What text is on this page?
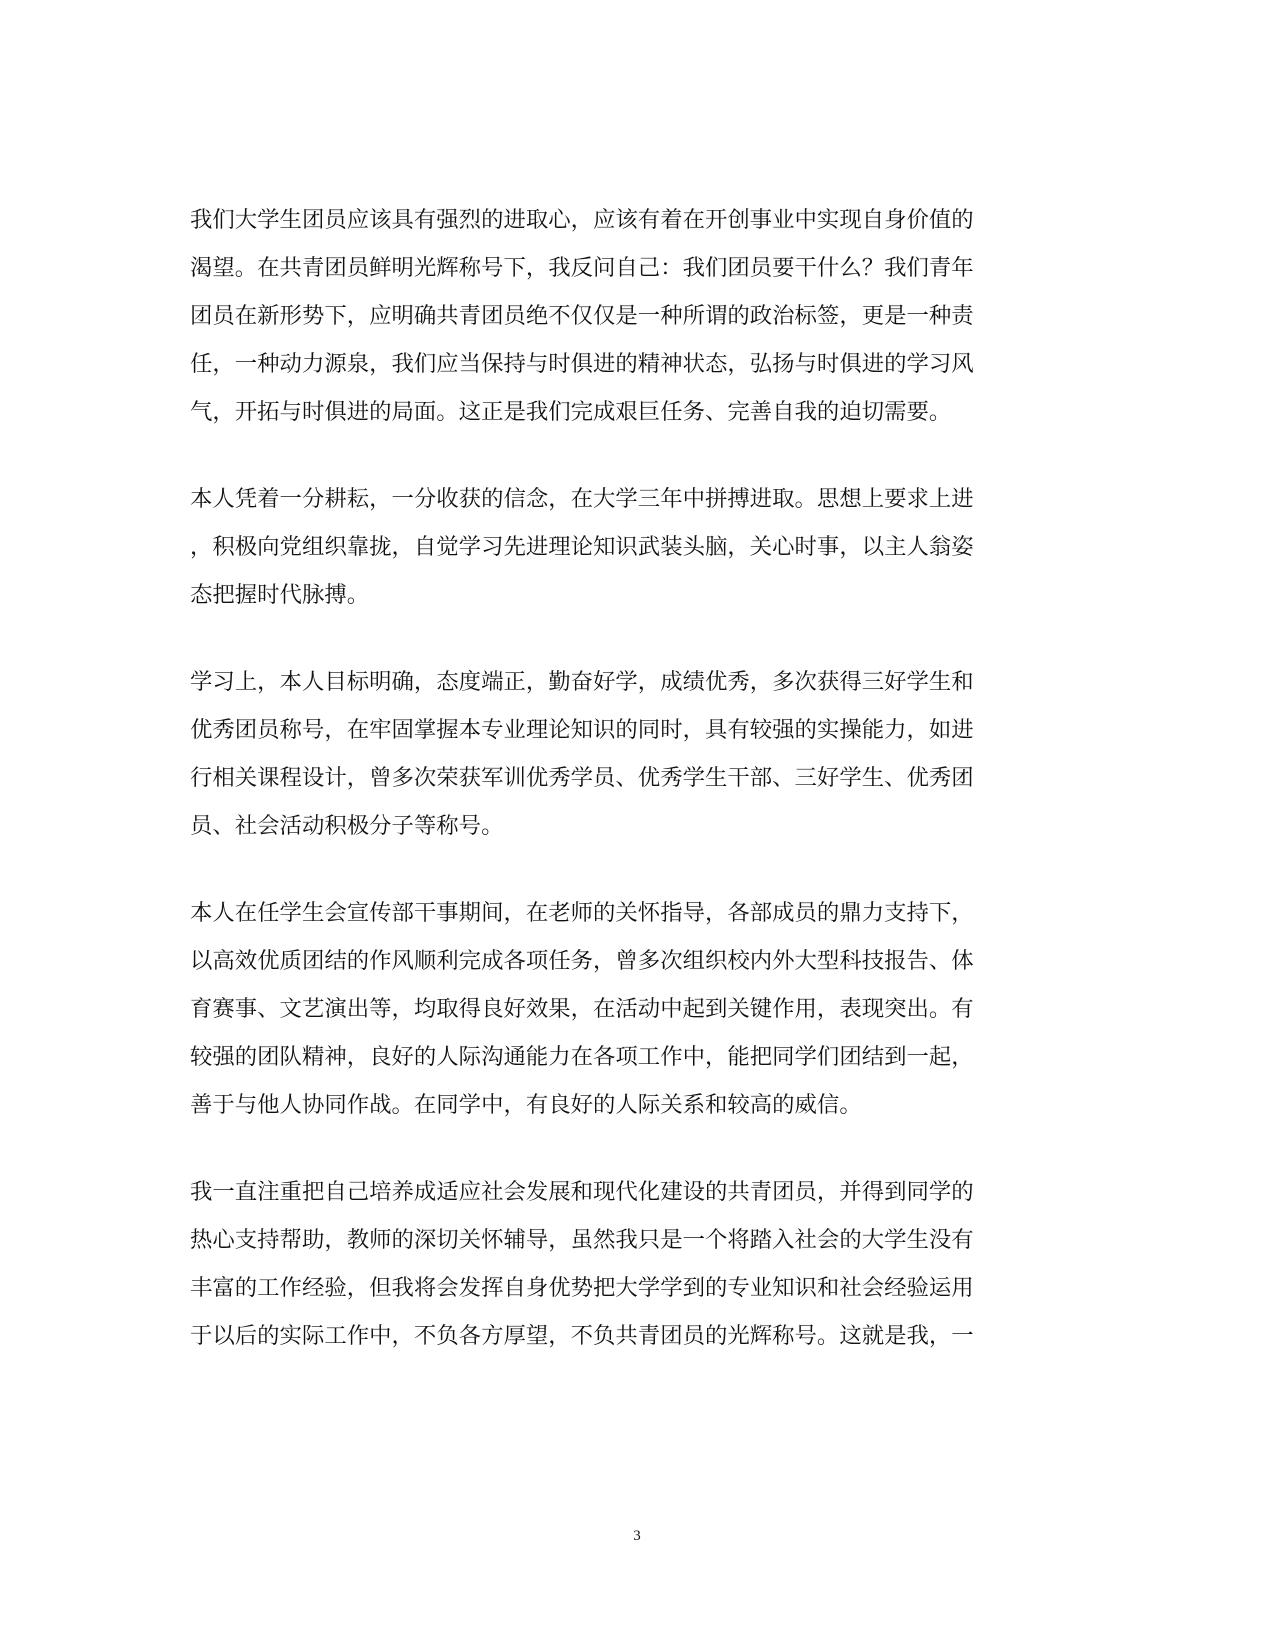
我们大学生团员应该具有强烈的进取心，应该有着在开创事业中实现自身价值的
渴望。在共青团员鲜明光辉称号下，我反问自己：我们团员要干什么？我们青年
团员在新形势下，应明确共青团员绝不仅仅是一种所谓的政治标签，更是一种责
任，一种动力源泉，我们应当保持与时俱进的精神状态，弘扬与时俱进的学习风
气，开拓与时俱进的局面。这正是我们完成艰巨任务、完善自我的迫切需要。
本人凭着一分耕耘，一分收获的信念，在大学三年中拼搏进取。思想上要求上进
，积极向党组织靠拢，自觉学习先进理论知识武装头脑，关心时事，以主人翁姿
态把握时代脉搏。
学习上，本人目标明确，态度端正，勤奋好学，成绩优秀，多次获得三好学生和
优秀团员称号，在牢固掌握本专业理论知识的同时，具有较强的实操能力，如进
行相关课程设计，曾多次荣获军训优秀学员、优秀学生干部、三好学生、优秀团
员、社会活动积极分子等称号。
本人在任学生会宣传部干事期间，在老师的关怀指导，各部成员的鼎力支持下，
以高效优质团结的作风顺利完成各项任务，曾多次组织校内外大型科技报告、体
育赛事、文艺演出等，均取得良好效果，在活动中起到关键作用，表现突出。有
较强的团队精神，良好的人际沟通能力在各项工作中，能把同学们团结到一起，
善于与他人协同作战。在同学中，有良好的人际关系和较高的威信。
我一直注重把自己培养成适应社会发展和现代化建设的共青团员，并得到同学的
热心支持帮助，教师的深切关怀辅导，虽然我只是一个将踏入社会的大学生没有
丰富的工作经验，但我将会发挥自身优势把大学学到的专业知识和社会经验运用
于以后的实际工作中，不负各方厚望，不负共青团员的光辉称号。这就是我，一
3
